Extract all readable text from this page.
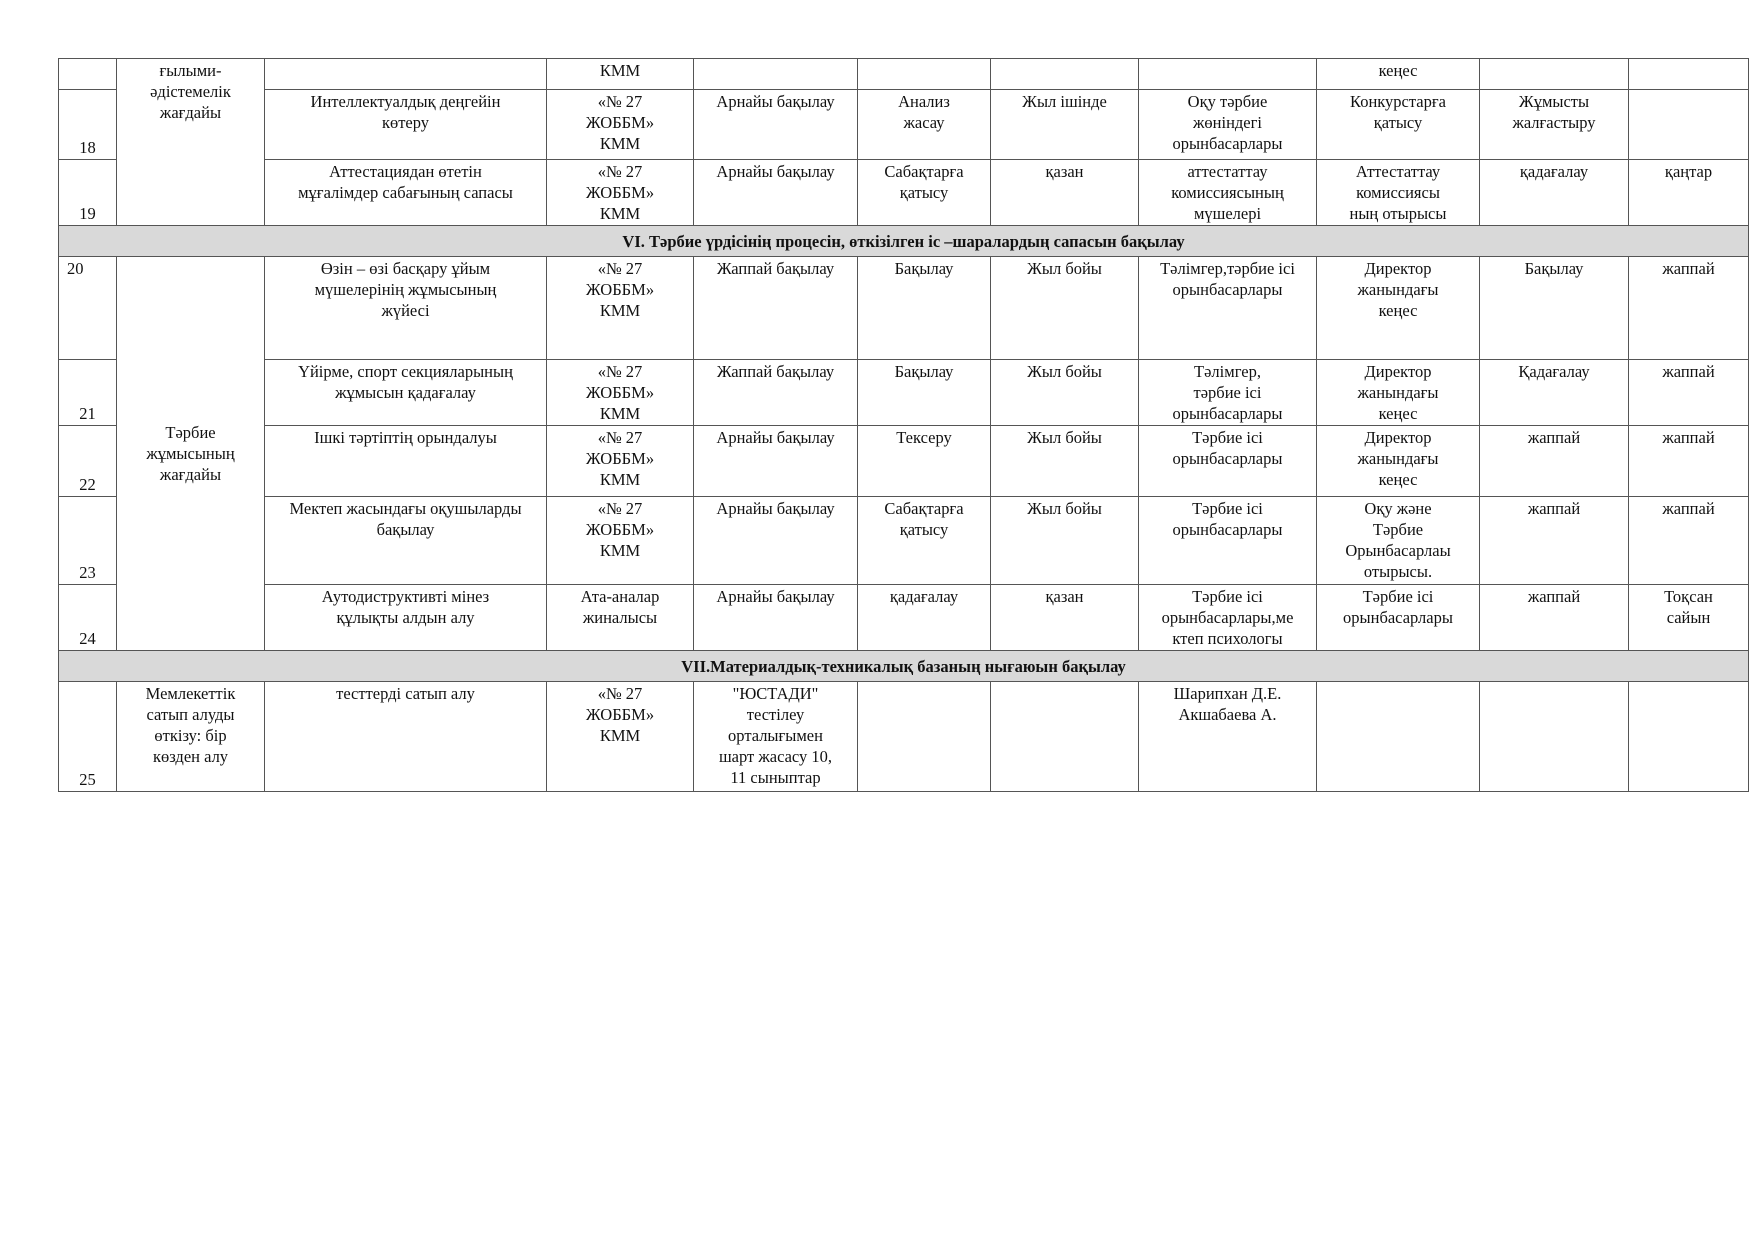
	ғылыми-
әдістемелік
жағдайы		КММ					кеңес		

18		Интеллектуалдық деңгейін
көтеру	«№ 27
ЖОББМ»
КММ	Арнайы бақылау	Анализ
жасау	Жыл ішінде	Оқу тәрбие
жөніндегі
орынбасарлары	Конкурстарға
қатысу	Жұмысты
жалғастыру	

19		Аттестациядан өтетін
мұғалімдер сабағының сапасы	«№ 27
ЖОББМ»
КММ	Арнайы бақылау	Сабақтарға
қатысу	қазан	аттестаттау
комиссиясының
мүшелері	Аттестаттау
комиссиясы
ның отырысы	қадағалау	қаңтар
VI. Тәрбие үрдісінің процесін, өткізілген іс –шаралардың сапасын бақылау										
20	Тәрбие
жұмысының
жағдайы	Өзін – өзі басқару ұйым
мүшелерінің жұмысының
жүйесі	«№ 27
ЖОББМ»
КММ	Жаппай бақылау	Бақылау	Жыл бойы	Тәлімгер,тәрбие ісі
орынбасарлары	Директор
жанындағы
кеңес	Бақылау	жаппай
21		Үйірме, спорт секцияларының
жұмысын қадағалау	«№ 27
ЖОББМ»
КММ	Жаппай бақылау	Бақылау	Жыл бойы	Тәлімгер,
тәрбие ісі
орынбасарлары	Директор
жанындағы
кеңес	Қадағалау	жаппай
22		Ішкі тәртіптің орындалуы	«№ 27
ЖОББМ»
КММ	Арнайы бақылау	Тексеру	Жыл бойы	Тәрбие ісі
орынбасарлары	Директор
жанындағы
кеңес	жаппай	жаппай
23		Мектеп жасындағы оқушыларды
бақылау	«№ 27
ЖОББМ»
КММ	Арнайы бақылау	Сабақтарға
қатысу	Жыл бойы	Тәрбие ісі
орынбасарлары	Оқу және
Тәрбие
Орынбасарлаы
отырысы.	жаппай	жаппай
24		Аутодиструктивті мінез
құлықты алдын алу	Ата-аналар
жиналысы	Арнайы бақылау	қадағалау	қазан	Тәрбие ісі
орынбасарлары,ме
ктеп психологы	Тәрбие ісі
орынбасарлары	жаппай	Тоқсан
сайын

VII.Материалдық-техникалық базаның нығаюын бақылау										
25	Мемлекеттік
сатып алуды
өткізу: бір
көзден алу	тесттерді сатып алу	«№ 27
ЖОББМ»
КММ	"ЮСТАДИ"
тестілеу
орталығымен
шарт жасасу 10,
11 сыныптар			Шарипхан Д.Е.
Акшабаева А.			
